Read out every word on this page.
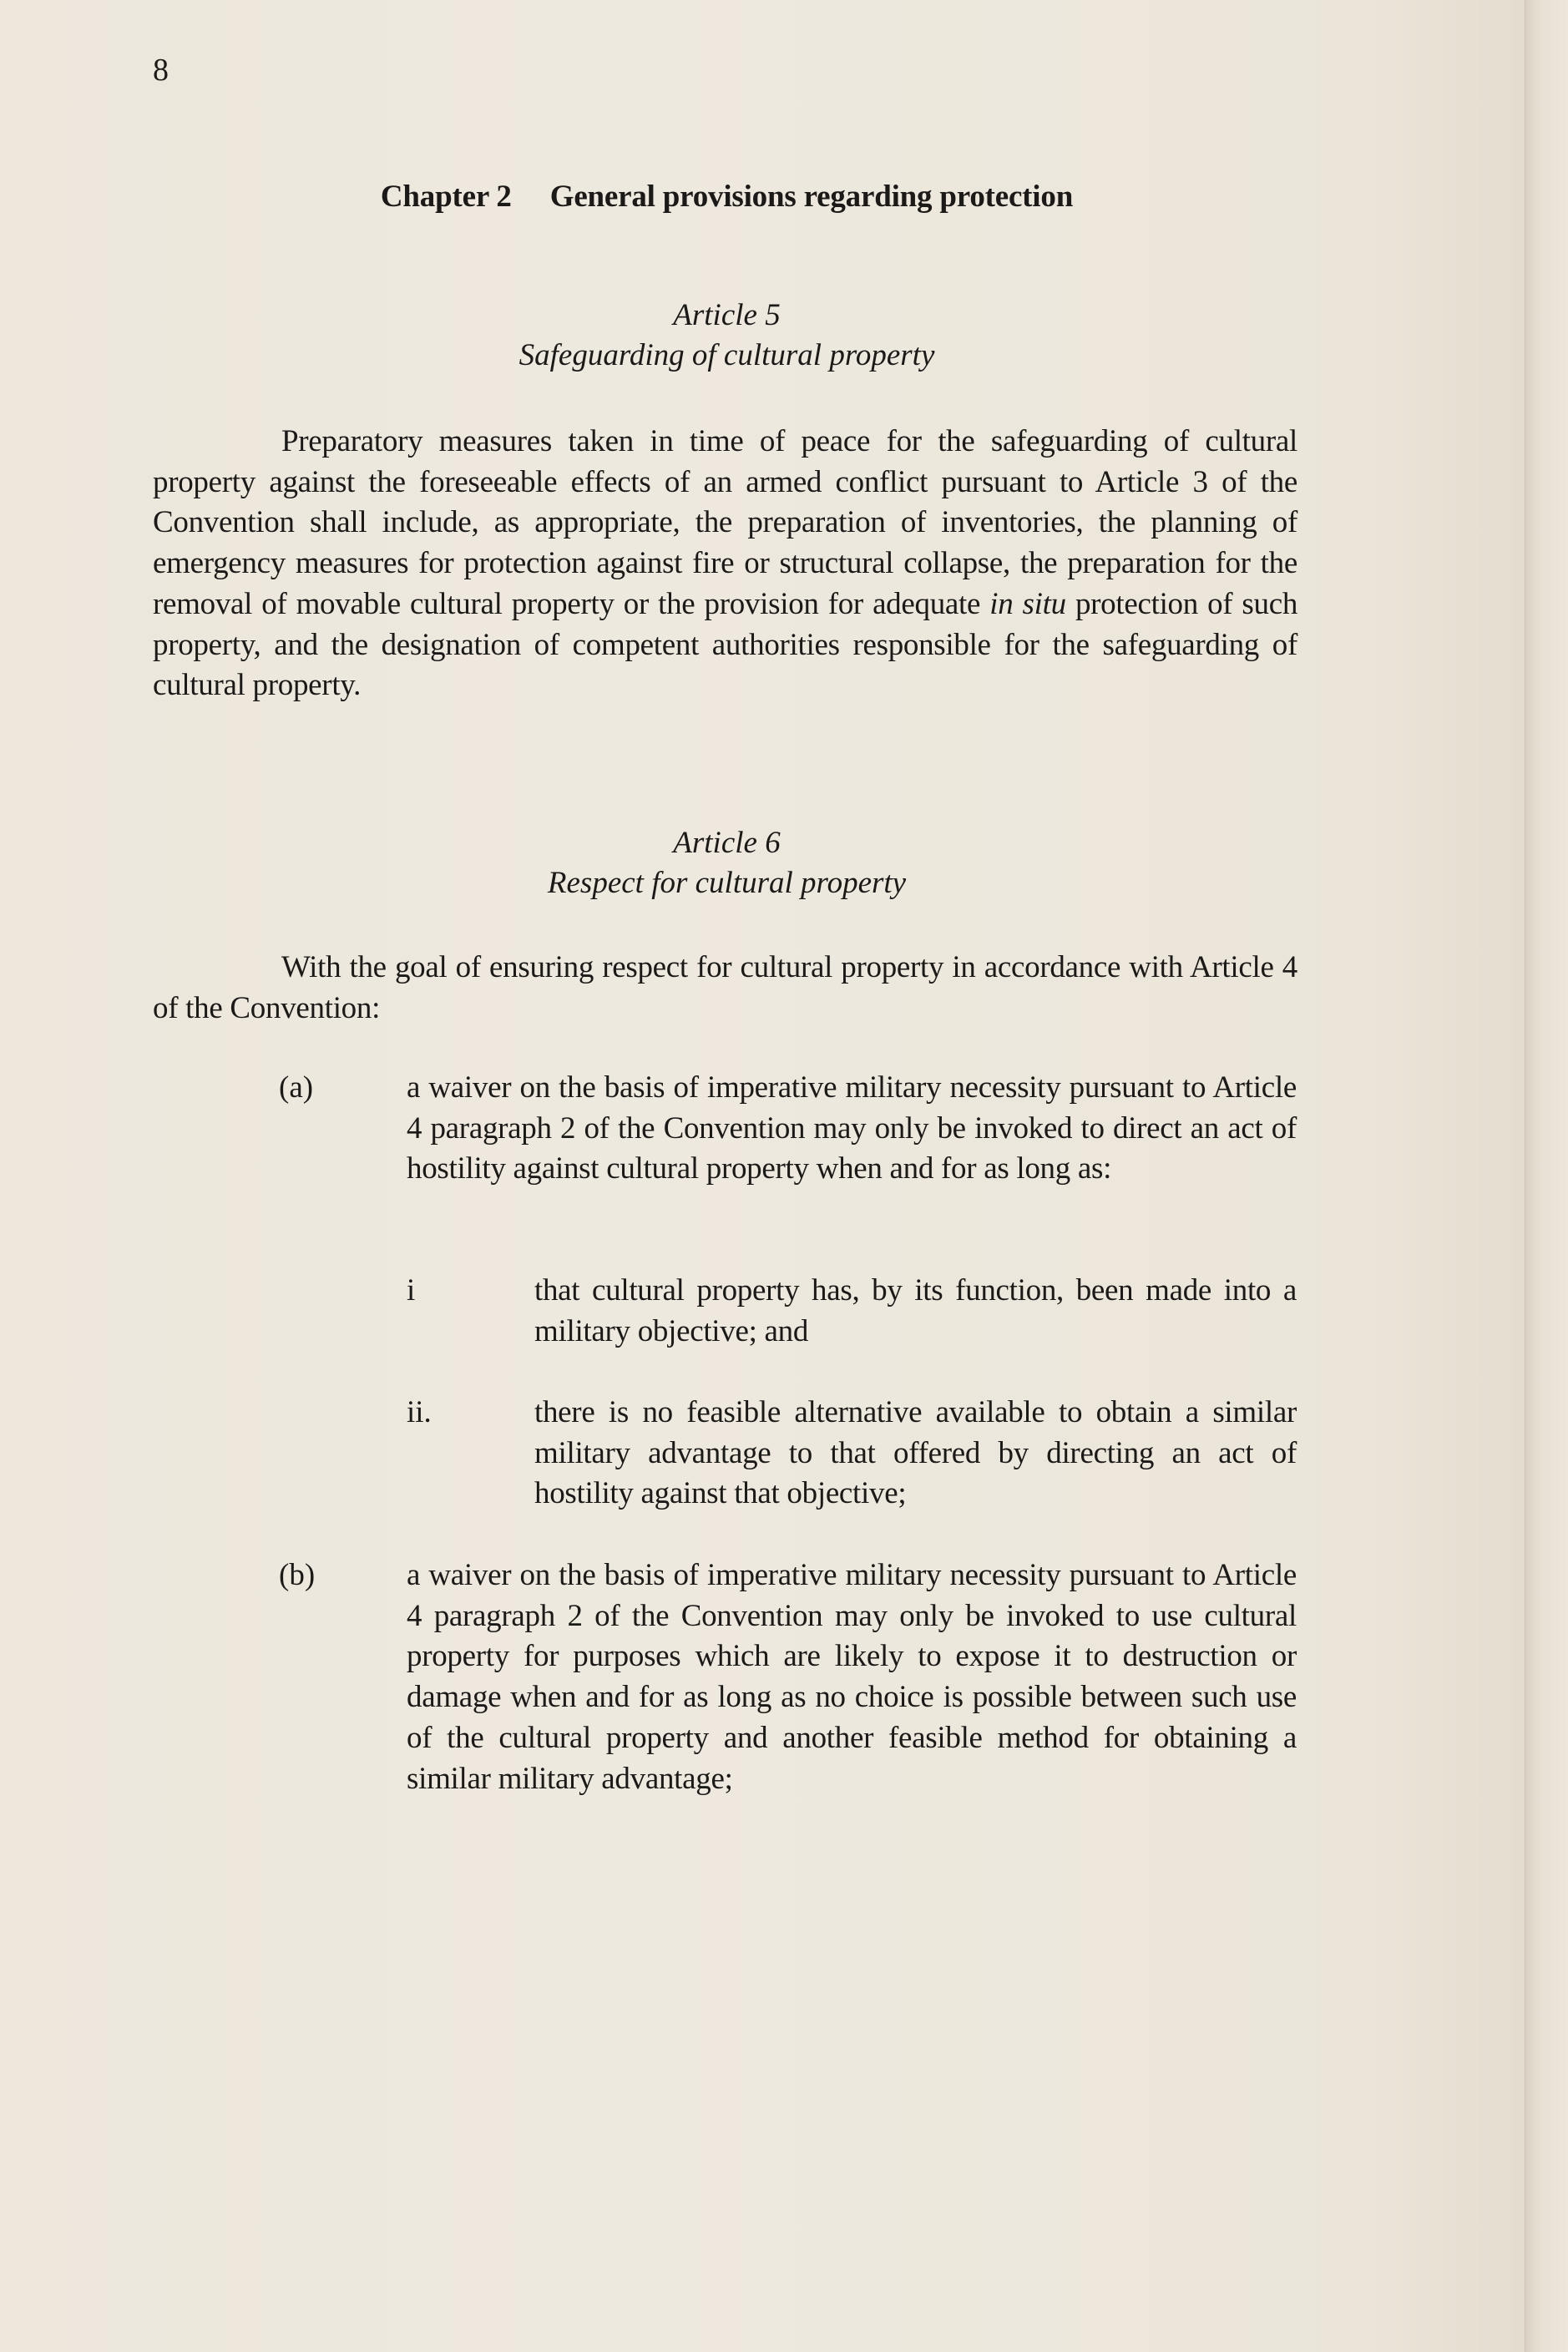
8
Chapter 2 General provisions regarding protection
Article 5
Safeguarding of cultural property
Preparatory measures taken in time of peace for the safeguarding of cultural property against the foreseeable effects of an armed conflict pursuant to Article 3 of the Convention shall include, as appropriate, the preparation of inventories, the planning of emergency measures for protection against fire or structural collapse, the preparation for the removal of movable cultural property or the provision for adequate in situ protection of such property, and the designation of competent authorities responsible for the safeguarding of cultural property.
Article 6
Respect for cultural property
With the goal of ensuring respect for cultural property in accordance with Article 4 of the Convention:
(a)	a waiver on the basis of imperative military necessity pursuant to Article 4 paragraph 2 of the Convention may only be invoked to direct an act of hostility against cultural property when and for as long as:
i	that cultural property has, by its function, been made into a military objective; and
ii.	there is no feasible alternative available to obtain a similar military advantage to that offered by directing an act of hostility against that objective;
(b)	a waiver on the basis of imperative military necessity pursuant to Article 4 paragraph 2 of the Convention may only be invoked to use cultural property for purposes which are likely to expose it to destruction or damage when and for as long as no choice is possible between such use of the cultural property and another feasible method for obtaining a similar military advantage;
